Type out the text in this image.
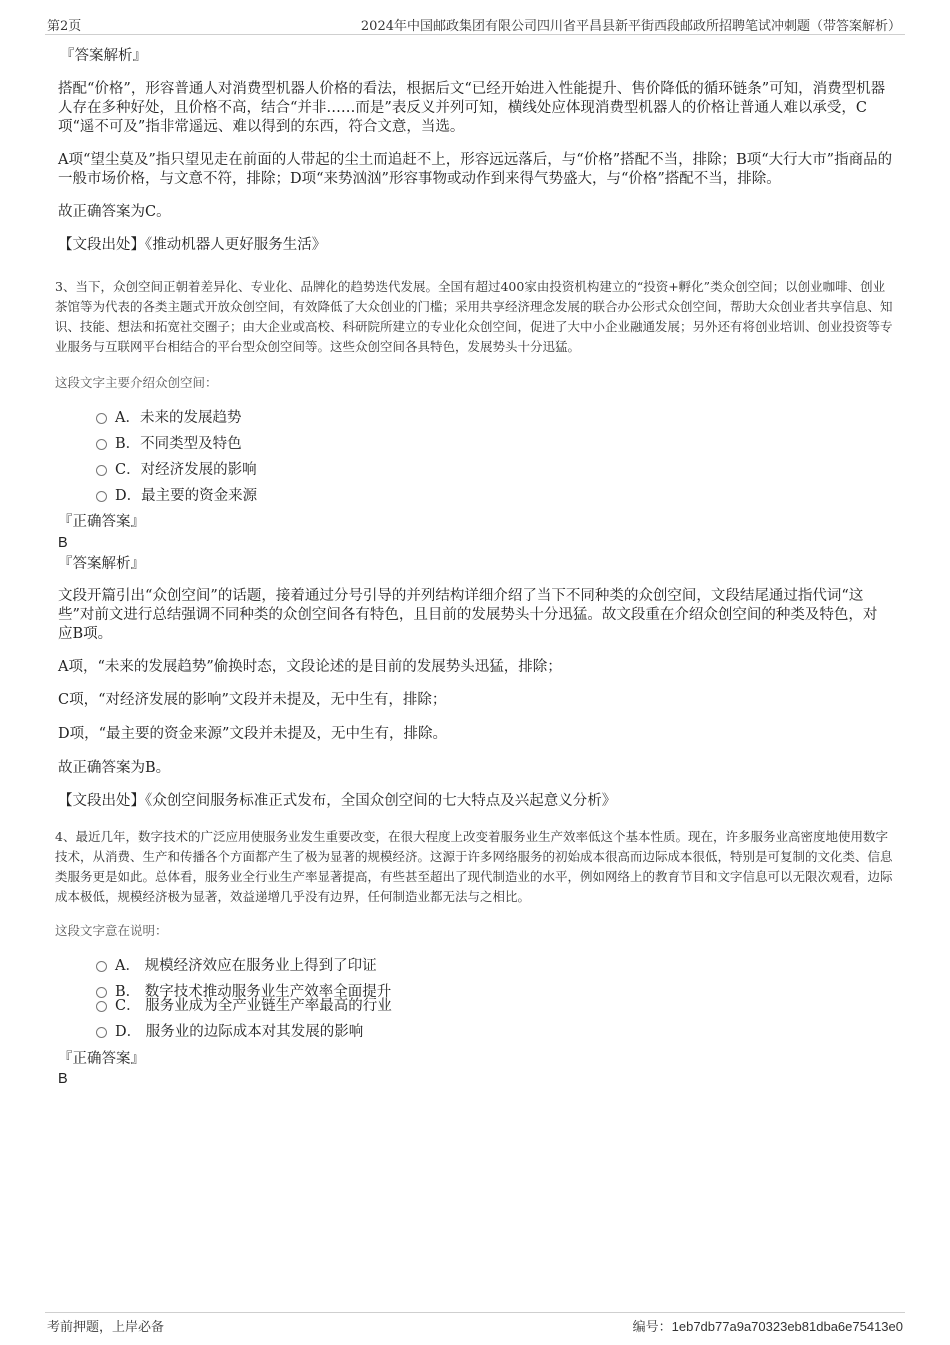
第2页	2024年中国邮政集团有限公司四川省平昌县新平街西段邮政所招聘笔试冲刺题（带答案解析）
『答案解析』
搭配“价格”，形容普通人对消费型机器人价格的看法，根据后文“已经开始进入性能提升、售价降低的循环链条”可知，消费型机器人存在多种好处，且价格不高，结合“并非……而是”表反义并列可知，横线处应体现消费型机器人的价格让普通人难以承受，C项“遥不可及”指非常遥远、难以得到的东西，符合文意，当选。
A项“望尘莫及”指只望见走在前面的人带起的尘土而追赶不上，形容远远落后，与“价格”搭配不当，排除；B项“大行大市”指商品的一般市场价格，与文意不符，排除；D项“来势汹汹”形容事物或动作到来得气势盛大，与“价格”搭配不当，排除。
故正确答案为C。
【文段出处】《推动机器人更好服务生活》
3、当下，众创空间正朝着差异化、专业化、品牌化的趋势迭代发展。全国有超过400家由投资机构建立的“投资+孵化”类众创空间；以创业咖啡、创业茶馆等为代表的各类主题式开放众创空间，有效降低了大众创业的门槛；采用共享经济理念发展的联合办公形式众创空间，帮助大众创业者共享信息、知识、技能、想法和拓宽社交圈子；由大企业或高校、科研院所建立的专业化众创空间，促进了大中小企业融通发展；另外还有将创业培训、创业投资等专业服务与互联网平台相结合的平台型众创空间等。这些众创空间各具特色，发展势头十分迅猛。
这段文字主要介绍众创空间：
A．未来的发展趋势
B．不同类型及特色
C．对经济发展的影响
D．最主要的资金来源
『正确答案』
B
『答案解析』
文段开篇引出“众创空间”的话题，接着通过分号引导的并列结构详细介绍了当下不同种类的众创空间，文段结尾通过指代词“这些”对前文进行总结强调不同种类的众创空间各有特色，且目前的发展势头十分迅猛。故文段重在介绍众创空间的种类及特色，对应B项。
A项，“未来的发展趋势”偷换时态，文段论述的是目前的发展势头迅猛，排除；
C项，“对经济发展的影响”文段并未提及，无中生有，排除；
D项，“最主要的资金来源”文段并未提及，无中生有，排除。
故正确答案为B。
【文段出处】《众创空间服务标准正式发布，全国众创空间的七大特点及兴起意义分析》
4、最近几年，数字技术的广泛应用使服务业发生重要改变，在很大程度上改变着服务业生产效率低这个基本性质。现在，许多服务业高密度地使用数字技术，从消费、生产和传播各个方面都产生了极为显著的规模经济。这源于许多网络服务的初始成本很高而边际成本很低，特别是可复制的文化类、信息类服务更是如此。总体看，服务业全行业生产率显著提高，有些甚至超出了现代制造业的水平，例如网络上的教育节目和文字信息可以无限次观看，边际成本极低，规模经济极为显著，效益递增几乎没有边界，任何制造业都无法与之相比。
这段文字意在说明：
A． 规模经济效应在服务业上得到了印证
B． 数字技术推动服务业生产效率全面提升
C． 服务业成为全产业链生产率最高的行业
D． 服务业的边际成本对其发展的影响
『正确答案』
B
考前押题，上岸必备	编号：1eb7db77a9a70323eb81dba6e75413e0
